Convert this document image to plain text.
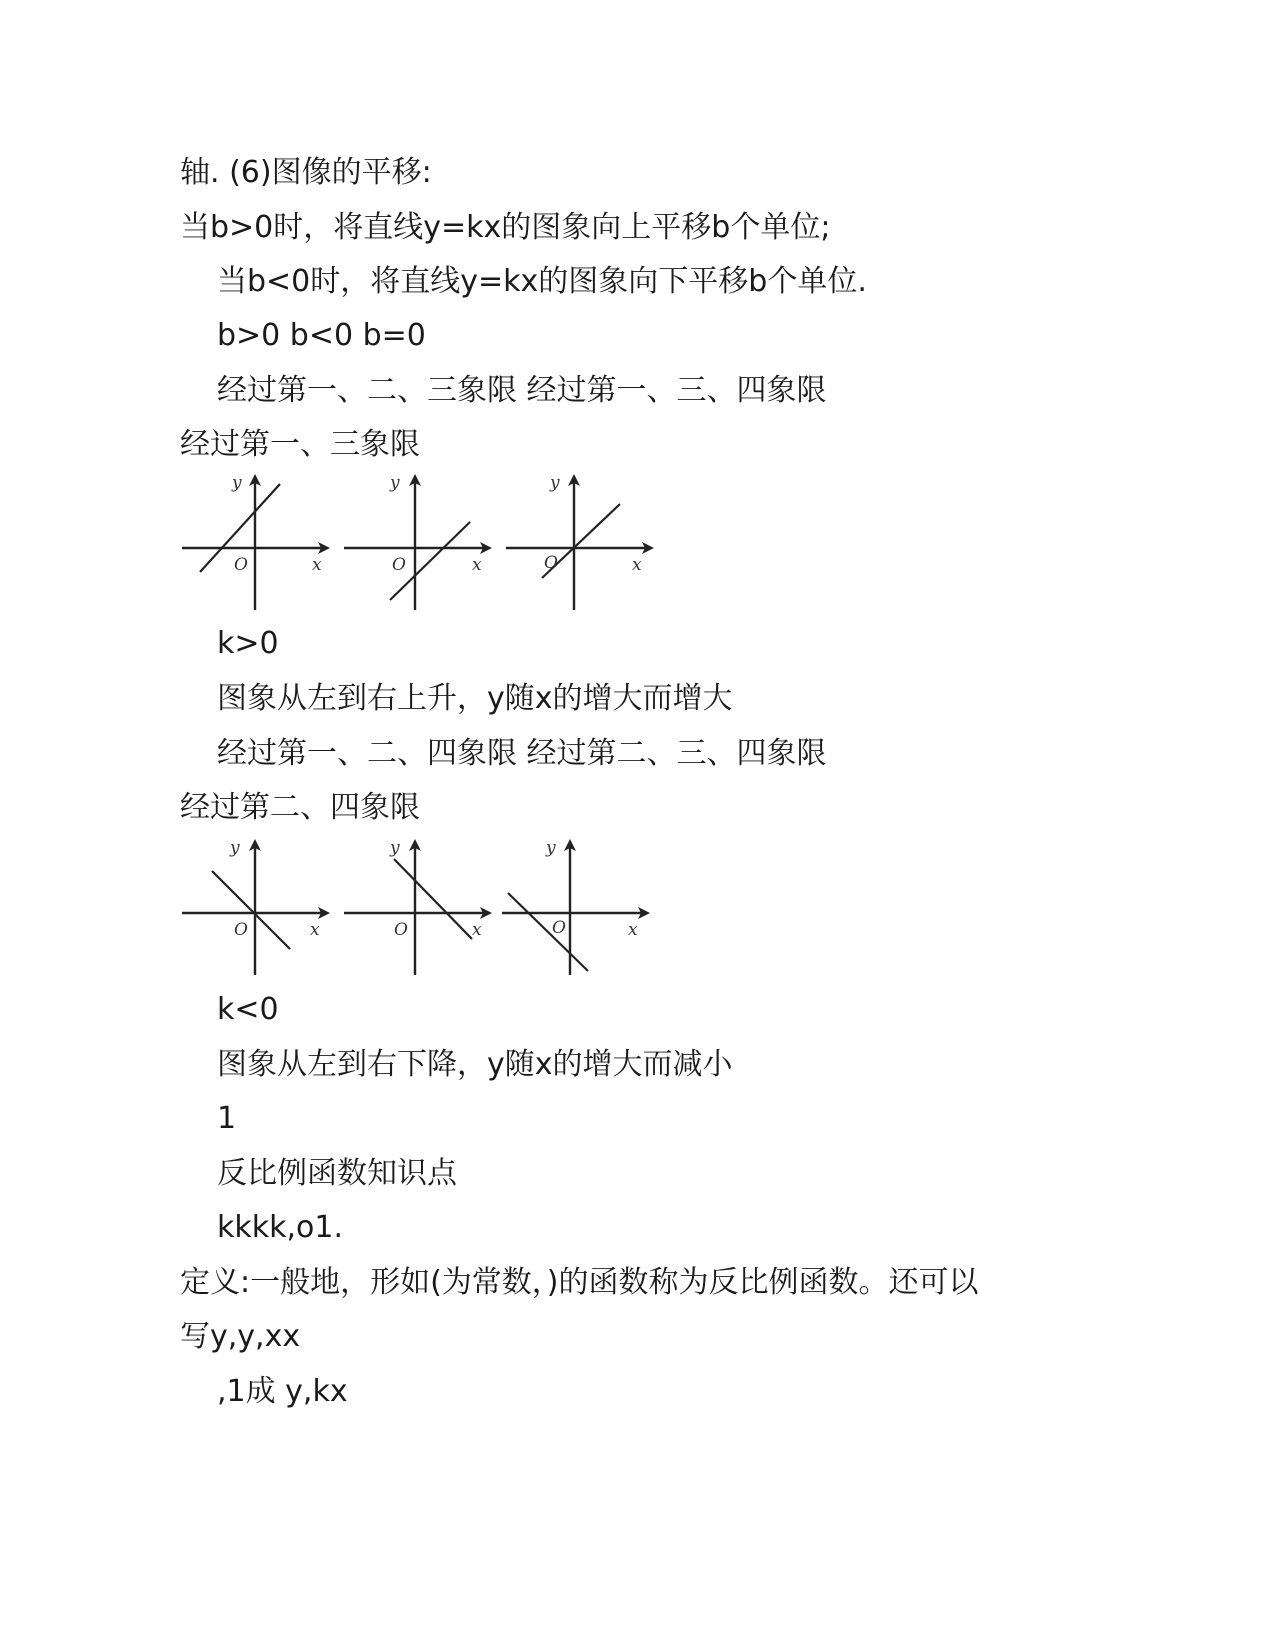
轴. (6)图像的平移:
当b>0时，将直线y=kx的图象向上平移b个单位;
当b<0时，将直线y=kx的图象向下平移b个单位.
b>0 b<0 b=0
经过第一、二、三象限 经过第一、三、四象限
经过第一、三象限
y
O	x
y
O	x
y
O	x
k>0
图象从左到右上升，y随x的增大而增大
经过第一、二、四象限 经过第二、三、四象限
经过第二、四象限
y
O	x
y
O	x
y
O	x
k<0
图象从左到右下降，y随x的增大而减小
1
反比例函数知识点
kkkk,o1.
定义:一般地，形如(为常数，)的函数称为反比例函数。还可以
写y,y,xx
,1成 y,kx
